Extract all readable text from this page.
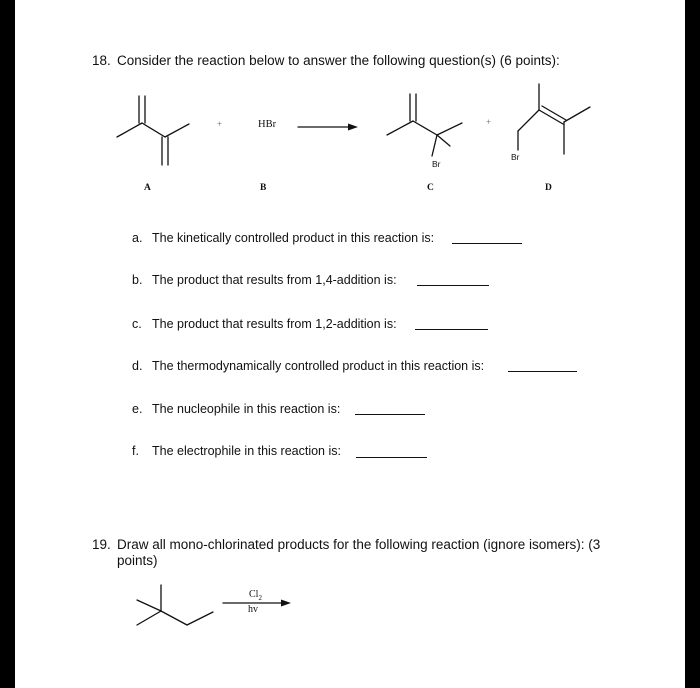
18. Consider the reaction below to answer the following question(s) (6 points):
+	HBr	+
Br
Br
A	B	C	D
a. The kinetically controlled product in this reaction is:
b. The product that results from 1,4-addition is:
c. The product that results from 1,2-addition is:
d. The thermodynamically controlled product in this reaction is:
e. The nucleophile in this reaction is:
f. The electrophile in this reaction is:
19. Draw all mono-chlorinated products for the following reaction (ignore isomers): (3
points)
$Cl_2$
hv
